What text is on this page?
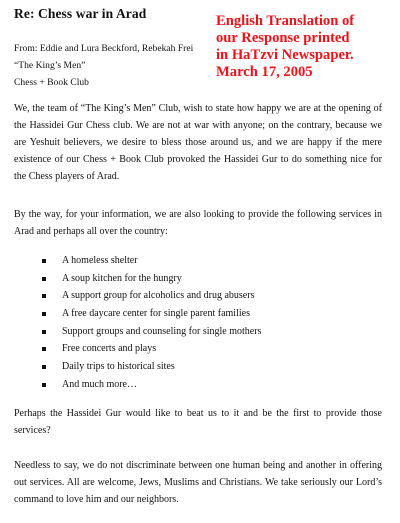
Re: Chess war in Arad	English Translation of
our Response printed
in HaTzvi Newspaper.
March 17, 2005
From: Eddie and Lura Beckford, Rebekah Frei
“The King’s Men”
Chess + Book Club
We, the team of “The King’s Men” Club, wish to state how happy we are at the opening of the Hassidei Gur Chess club. We are not at war with anyone; on the contrary, because we are Yeshuit believers, we desire to bless those around us, and we are happy if the mere existence of our Chess + Book Club provoked the Hassidei Gur to do something nice for the Chess players of Arad.
By the way, for your information, we are also looking to provide the following services in Arad and perhaps all over the country:
A homeless shelter
A soup kitchen for the hungry
A support group for alcoholics and drug abusers
A free daycare center for single parent families
Support groups and counseling for single mothers
Free concerts and plays
Daily trips to historical sites
And much more…
Perhaps the Hassidei Gur would like to beat us to it and be the first to provide those services?
Needless to say, we do not discriminate between one human being and another in offering out services. All are welcome, Jews, Muslims and Christians. We take seriously our Lord’s command to love him and our neighbors.
